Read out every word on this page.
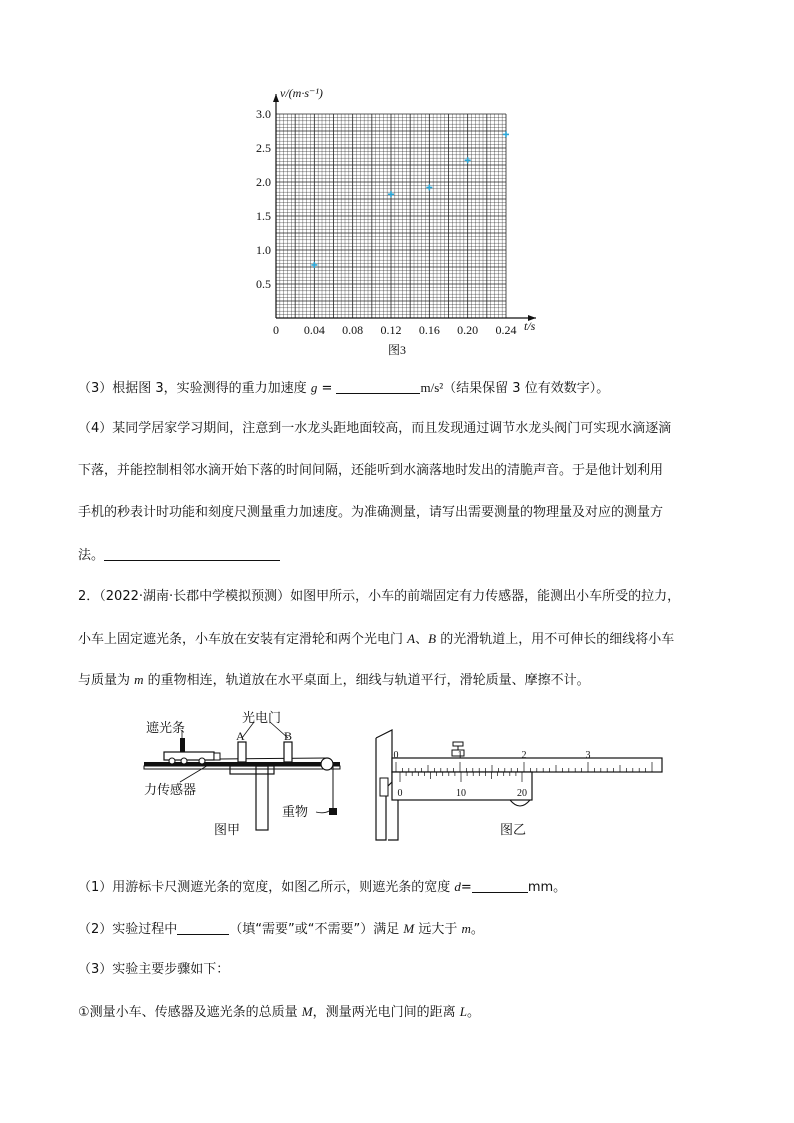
0 0.04 0.08 0.12 0.16 0.20 0.24
0.5
1.0
1.5
2.0
2.5
3.0
v/(m·s⁻¹)
t/s
图3
（3）根据图 3，实验测得的重力加速度 g =	m/s²（结果保留 3 位有效数字）。
（4）某同学居家学习期间，注意到一水龙头距地面较高，而且发现通过调节水龙头阀门可实现水滴逐滴
下落，并能控制相邻水滴开始下落的时间间隔，还能听到水滴落地时发出的清脆声音。于是他计划利用
手机的秒表计时功能和刻度尺测量重力加速度。为准确测量，请写出需要测量的物理量及对应的测量方
法。
2．（2022·湖南·长郡中学模拟预测）如图甲所示，小车的前端固定有力传感器，能测出小车所受的拉力，
小车上固定遮光条，小车放在安装有定滑轮和两个光电门 A、B 的光滑轨道上，用不可伸长的细线将小车
与质量为 m 的重物相连，轨道放在水平桌面上，细线与轨道平行，滑轮质量、摩擦不计。
遮光条
光电门
A	B
力传感器
重物
图甲
0	1	2	3
0	10	20
图乙
（1）用游标卡尺测遮光条的宽度，如图乙所示，则遮光条的宽度 d=	mm。
（2）实验过程中	（填“需要”或“不需要”）满足 M 远大于 m。
（3）实验主要步骤如下：
①测量小车、传感器及遮光条的总质量 M，测量两光电门间的距离 L。
